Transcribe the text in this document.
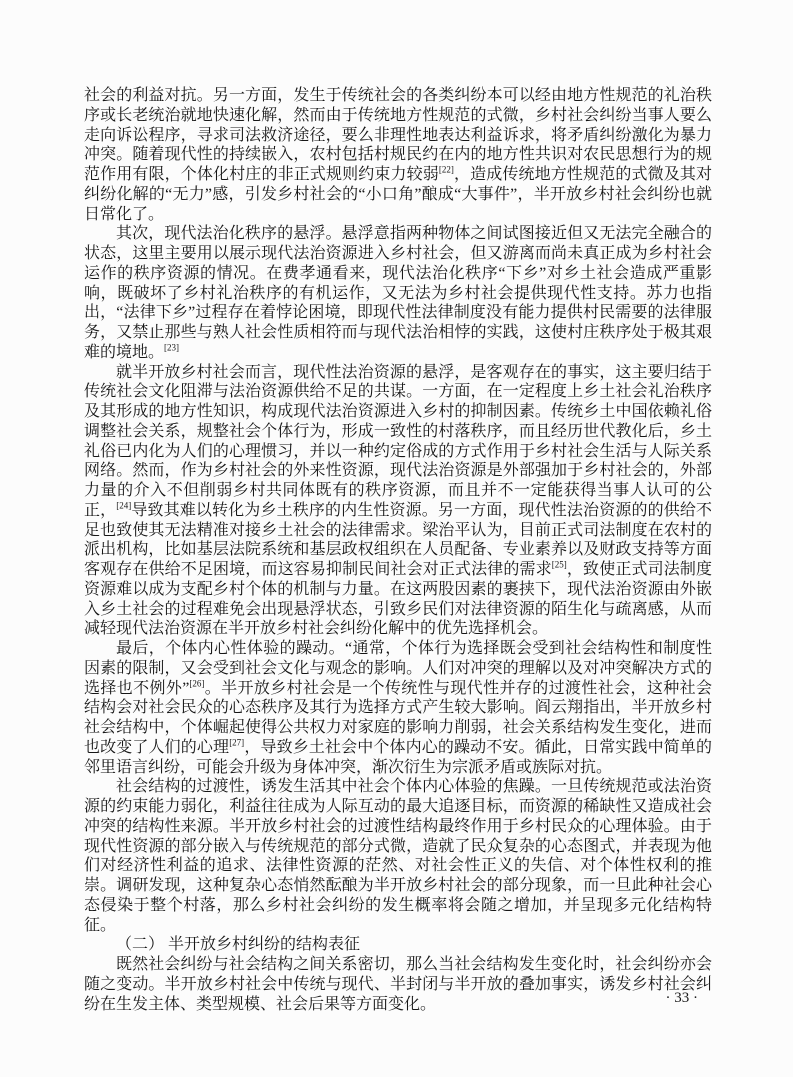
社会的利益对抗。另一方面，发生于传统社会的各类纠纷本可以经由地方性规范的礼治秩序或长老统治就地快速化解，然而由于传统地方性规范的式微，乡村社会纠纷当事人要么走向诉讼程序，寻求司法救济途径，要么非理性地表达利益诉求，将矛盾纠纷激化为暴力冲突。随着现代性的持续嵌入，农村包括村规民约在内的地方性共识对农民思想行为的规范作用有限，个体化村庄的非正式规则约束力较弱[22]，造成传统地方性规范的式微及其对纠纷化解的“无力”感，引发乡村社会的“小口角”酿成“大事件”，半开放乡村社会纠纷也就日常化了。

其次，现代法治化秩序的悬浮。悬浮意指两种物体之间试图接近但又无法完全融合的状态，这里主要用以展示现代法治资源进入乡村社会，但又游离而尚未真正成为乡村社会运作的秩序资源的情况。在费孝通看来，现代法治化秩序“下乡”对乡土社会造成严重影响，既破坏了乡村礼治秩序的有机运作，又无法为乡村社会提供现代性支持。苏力也指出，“法律下乡”过程存在着悖论困境，即现代性法律制度没有能力提供村民需要的法律服务，又禁止那些与熟人社会性质相符而与现代法治相悖的实践，这使村庄秩序处于极其艰难的境地。[23]

就半开放乡村社会而言，现代性法治资源的悬浮，是客观存在的事实，这主要归结于传统社会文化阻滞与法治资源供给不足的共谋。一方面，在一定程度上乡土社会礼治秩序及其形成的地方性知识，构成现代法治资源进入乡村的抑制因素。传统乡土中国依赖礼俗调整社会关系，规整社会个体行为，形成一致性的村落秩序，而且经历世代教化后，乡土礼俗已内化为人们的心理惯习，并以一种约定俗成的方式作用于乡村社会生活与人际关系网络。然而，作为乡村社会的外来性资源，现代法治资源是外部强加于乡村社会的，外部力量的介入不但削弱乡村共同体既有的秩序资源，而且并不一定能获得当事人认可的公正，[24]导致其难以转化为乡土秩序的内生性资源。另一方面，现代性法治资源的的供给不足也致使其无法精准对接乡土社会的法律需求。梁治平认为，目前正式司法制度在农村的派出机构，比如基层法院系统和基层政权组织在人员配备、专业素养以及财政支持等方面客观存在供给不足困境，而这容易抑制民间社会对正式法律的需求[25]，致使正式司法制度资源难以成为支配乡村个体的机制与力量。在这两股因素的裹挟下，现代法治资源由外嵌入乡土社会的过程难免会出现悬浮状态，引致乡民们对法律资源的陌生化与疏离感，从而减轻现代法治资源在半开放乡村社会纠纷化解中的优先选择机会。

最后，个体内心性体验的躁动。“通常，个体行为选择既会受到社会结构性和制度性因素的限制，又会受到社会文化与观念的影响。人们对冲突的理解以及对冲突解决方式的选择也不例外”[26]。半开放乡村社会是一个传统性与现代性并存的过渡性社会，这种社会结构会对社会民众的心态秩序及其行为选择方式产生较大影响。阎云翔指出，半开放乡村社会结构中，个体崛起使得公共权力对家庭的影响力削弱，社会关系结构发生变化，进而也改变了人们的心理[27]，导致乡土社会中个体内心的躁动不安。循此，日常实践中简单的邻里语言纠纷，可能会升级为身体冲突，渐次衍生为宗派矛盾或族际对抗。

社会结构的过渡性，诱发生活其中社会个体内心体验的焦躁。一旦传统规范或法治资源的约束能力弱化，利益往往成为人际互动的最大追逐目标，而资源的稀缺性又造成社会冲突的结构性来源。半开放乡村社会的过渡性结构最终作用于乡村民众的心理体验。由于现代性资源的部分嵌入与传统规范的部分式微，造就了民众复杂的心态图式，并表现为他们对经济性利益的追求、法律性资源的茫然、对社会性正义的失信、对个体性权利的推崇。调研发现，这种复杂心态悄然酝酿为半开放乡村社会的部分现象，而一旦此种社会心态侵染于整个村落，那么乡村社会纠纷的发生概率将会随之增加，并呈现多元化结构特征。

（二） 半开放乡村纠纷的结构表征

既然社会纠纷与社会结构之间关系密切，那么当社会结构发生变化时，社会纠纷亦会随之变动。半开放乡村社会中传统与现代、半封闭与半开放的叠加事实，诱发乡村社会纠纷在生发主体、类型规模、社会后果等方面变化。	· 33 ·
